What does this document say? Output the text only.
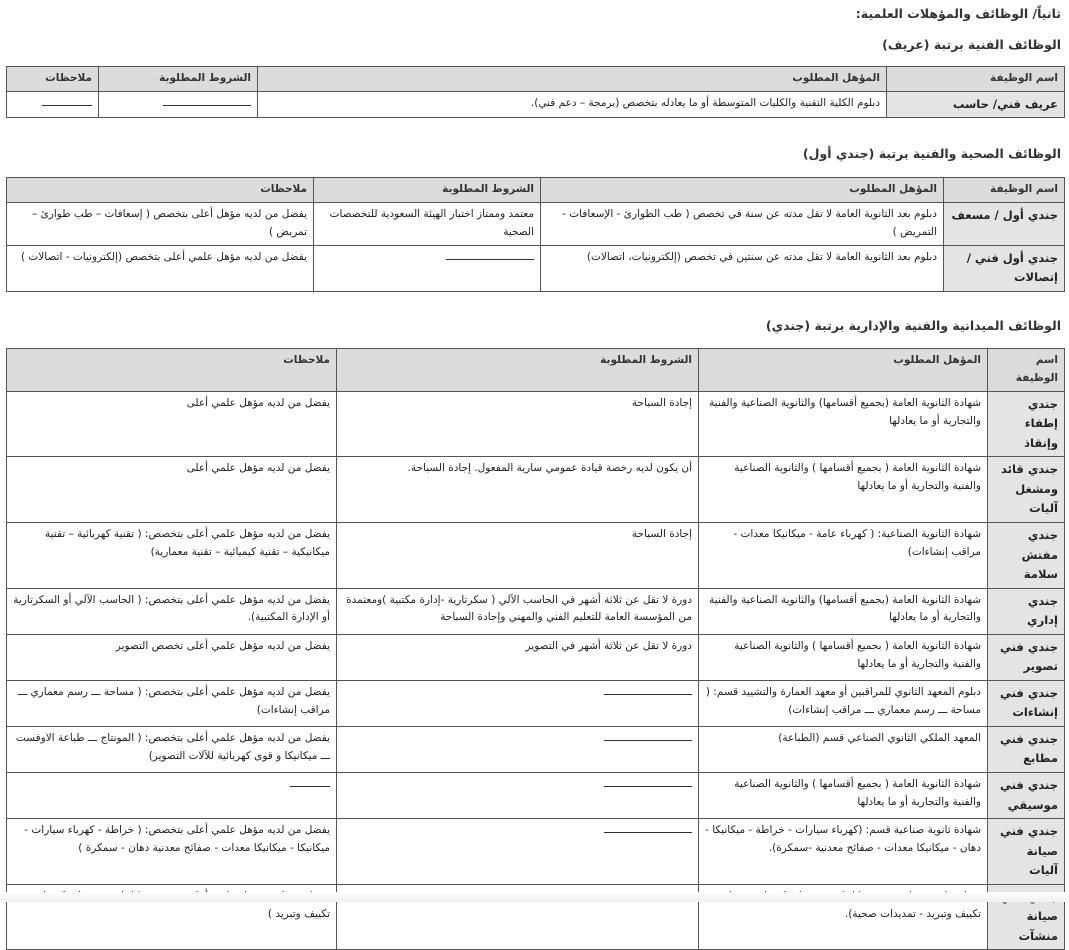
ثانياً/ الوظائف والمؤهلات العلمية:
الوظائف الفنية برتبة (عريف)
اسم الوظيفة	المؤهل المطلوب	الشروط المطلوبة	ملاحظات
عريف فني/ حاسب	دبلوم الكلية التقنية والكليات المتوسطة أو ما يعادله بتخصص (برمجة – دعم فني).		
الوظائف الصحية والفنية برتبة (جندي أول)
اسم الوظيفة	المؤهل المطلوب	الشروط المطلوبة	ملاحظات
جندي أول / مسعف	دبلوم بعد الثانوية العامة لا تقل مدته عن سنة في تخصص ( طب الطوارئ - الإسعافات - التمريض )	معتمد وممتاز اختبار الهيئة السعودية للتخصصات الصحية	يفضل من لديه مؤهل أعلى بتخصص ( إسعافات – طب طوارئ – تمريض )
جندي أول فني / إتصالات	دبلوم بعد الثانوية العامة لا تقل مدته عن سنتين في تخصص (إلكترونيات، اتصالات)		يفضل من لديه مؤهل علمي أعلى بتخصص (إلكترونيات - اتصالات )
الوظائف الميدانية والفنية والإدارية برتبة (جندي)
اسم الوظيفة	المؤهل المطلوب	الشروط المطلوبة	ملاحظات
جندي إطفاء وإنقاذ	شهادة الثانوية العامة (بجميع أقسامها) والثانوية الصناعية والفنية والتجارية أو ما يعادلها	إجادة السباحة	يفضل من لديه مؤهل علمي أعلى
جندي قائد ومشغل آليات	شهادة الثانوية العامة ( بجميع أقسامها ) والثانوية الصناعية والفنية والتجارية أو ما يعادلها	أن يكون لديه رخصة قيادة عمومي سارية المفعول. إجادة السباحة.	يفضل من لديه مؤهل علمي أعلى
جندي مفتش سلامة	شهادة الثانوية الصناعية: ( كهرباء عامة - ميكانيكا معدات - مراقب إنشاءات)	إجادة السباحة	يفضل من لديه مؤهل علمي أعلى بتخصص: ( تقنية كهربائية – تقنية ميكانيكية – تقنية كيميائية – تقنية معمارية)
جندي إداري	شهادة الثانوية العامة (بجميع أقسامها) والثانوية الصناعية والفنية والتجارية أو ما يعادلها	دورة لا تقل عن ثلاثة أشهر في الحاسب الآلي ( سكرتارية -إدارة مكتبية )ومعتمدة من المؤسسة العامة للتعليم الفني والمهني وإجادة السباحة	يفضل من لديه مؤهل علمي أعلى بتخصص: ( الحاسب الآلي أو السكرتارية أو الإدارة المكتبية).
جندي فني تصوير	شهادة الثانوية العامة ( بجميع أقسامها ) والثانوية الصناعية والفنية والتجارية أو ما يعادلها	دورة لا تقل عن ثلاثة أشهر في التصوير	يفضل من لديه مؤهل علمي أعلى تخصص التصوير
جندي فني إنشاءات	دبلوم المعهد الثانوي للمراقبين أو معهد العمارة والتشييد قسم: ( مساحة ـــ رسم معماري ـــ مراقب إنشاءات)		يفضل من لديه مؤهل علمي أعلى بتخصص: ( مساحة ـــ رسم معماري ـــ مراقب إنشاءات)
جندي فني مطابع	المعهد الملكي الثانوي الصناعي قسم (الطباعة)		يفضل من لديه مؤهل علمي أعلى بتخصص: ( المونتاج ـــ طباعة الاوفست ـــ ميكانيكا و قوى كهربائية للآلات التصوير)
جندي فني موسيقي	شهادة الثانوية العامة ( بجميع أقسامها ) والثانوية الصناعية والفنية والتجارية أو ما يعادلها		
جندي فني صيانة آليات	شهادة ثانوية صناعية قسم: (كهرباء سيارات - خراطة - ميكانيكا - دهان - ميكانيكا معدات - صفائح معدنية -سمكرة).		يفضل من لديه مؤهل علمي أعلى بتخصص: ( خراطة - كهرباء سيارات - ميكانيكا - ميكانيكا معدات - صفائح معدنية دهان - سمكرة )
صيانة منشآت	تكييف وتبريد - تمديدات صحية).		تكييف وتبريد )
